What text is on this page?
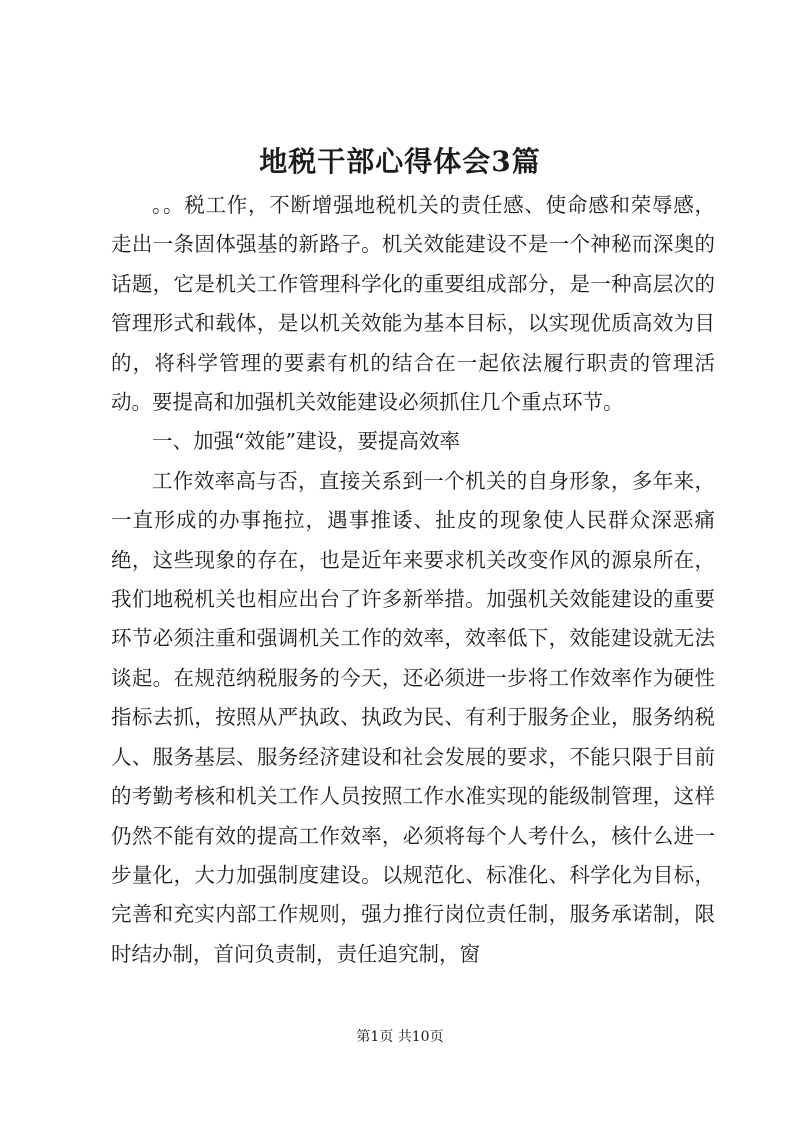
地税干部心得体会3篇

。。税工作，不断增强地税机关的责任感、使命感和荣辱感，走出一条固体强基的新路子。机关效能建设不是一个神秘而深奥的话题，它是机关工作管理科学化的重要组成部分，是一种高层次的管理形式和载体，是以机关效能为基本目标，以实现优质高效为目的，将科学管理的要素有机的结合在一起依法履行职责的管理活动。要提高和加强机关效能建设必须抓住几个重点环节。

一、加强“效能”建设，要提高效率

工作效率高与否，直接关系到一个机关的自身形象，多年来，一直形成的办事拖拉，遇事推诿、扯皮的现象使人民群众深恶痛绝，这些现象的存在，也是近年来要求机关改变作风的源泉所在，我们地税机关也相应出台了许多新举措。加强机关效能建设的重要环节必须注重和强调机关工作的效率，效率低下，效能建设就无法谈起。在规范纳税服务的今天，还必须进一步将工作效率作为硬性指标去抓，按照从严执政、执政为民、有利于服务企业，服务纳税人、服务基层、服务经济建设和社会发展的要求，不能只限于目前的考勤考核和机关工作人员按照工作水准实现的能级制管理，这样仍然不能有效的提高工作效率，必须将每个人考什么，核什么进一步量化，大力加强制度建设。以规范化、标准化、科学化为目标，完善和充实内部工作规则，强力推行岗位责任制，服务承诺制，限时结办制，首问负责制，责任追究制，窗

第1页 共10页
